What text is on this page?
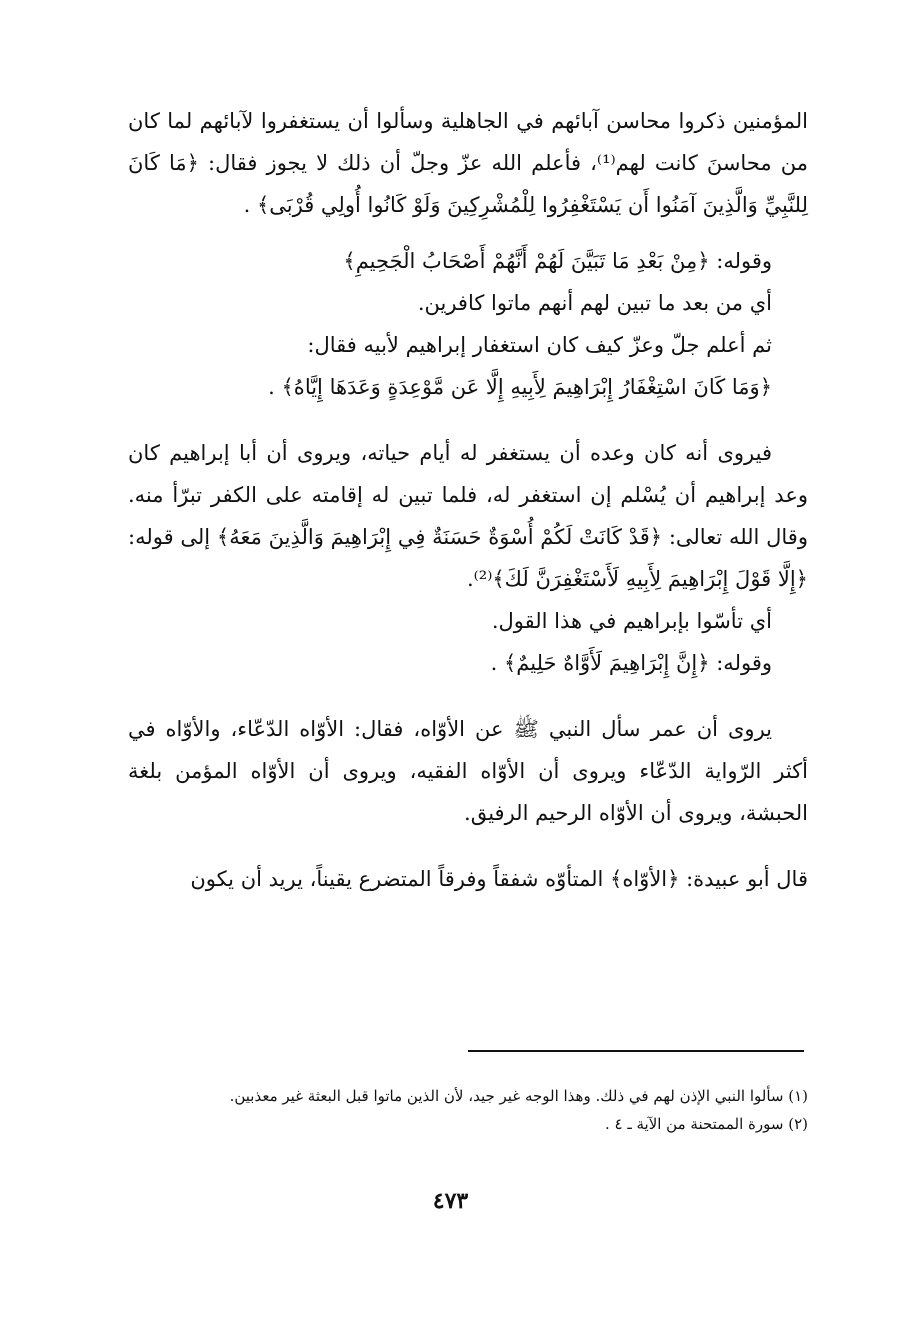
المؤمنين ذكروا محاسن آبائهم في الجاهلية وسألوا أن يستغفروا لآبائهم لما كان من محاسنَ كانت لهم⁽¹⁾، فأعلم الله عزّ وجلّ أن ذلك لا يجوز فقال: ﴿مَا كَانَ لِلنَّبِيِّ وَالَّذِينَ آمَنُوا أَن يَسْتَغْفِرُوا لِلْمُشْرِكِينَ وَلَوْ كَانُوا أُولِي قُرْبَى﴾ .

وقوله: ﴿مِنْ بَعْدِ مَا تَبَيَّنَ لَهُمْ أَنَّهُمْ أَصْحَابُ الْجَحِيمِ﴾

أي من بعد ما تبين لهم أنهم ماتوا كافرين.

ثم أعلم جلّ وعزّ كيف كان استغفار إبراهيم لأبيه فقال:

﴿وَمَا كَانَ اسْتِغْفَارُ إِبْرَاهِيمَ لِأَبِيهِ إِلَّا عَن مَّوْعِدَةٍ وَعَدَهَا إِيَّاهُ﴾ .

فيروى أنه كان وعده أن يستغفر له أيام حياته، ويروى أن أبا إبراهيم كان وعد إبراهيم أن يُسْلم إن استغفر له، فلما تبين له إقامته على الكفر تبرّأ منه. وقال الله تعالى: ﴿قَدْ كَانَتْ لَكُمْ أُسْوَةٌ حَسَنَةٌ فِي إِبْرَاهِيمَ وَالَّذِينَ مَعَهُ﴾ إلى قوله: ﴿إِلَّا قَوْلَ إِبْرَاهِيمَ لِأَبِيهِ لَأَسْتَغْفِرَنَّ لَكَ﴾⁽²⁾.

أي تأسّوا بإبراهيم في هذا القول.

وقوله: ﴿إِنَّ إِبْرَاهِيمَ لَأَوَّاهٌ حَلِيمٌ﴾ .

يروى أن عمر سأل النبي ﷺ عن الأوّاه، فقال: الأوّاه الدّعّاء، والأوّاه في أكثر الرّواية الدّعّاء ويروى أن الأوّاه الفقيه، ويروى أن الأوّاه المؤمن بلغة الحبشة، ويروى أن الأوّاه الرحيم الرفيق.

قال أبو عبيدة: ﴿الأوّاه﴾ المتأوّه شفقاً وفرقاً المتضرع يقيناً، يريد أن يكون

(١) سألوا النبي الإذن لهم في ذلك. وهذا الوجه غير جيد، لأن الذين ماتوا قبل البعثة غير معذبين.

(٢) سورة الممتحنة من الآية ـ ٤ .

٤٧٣
